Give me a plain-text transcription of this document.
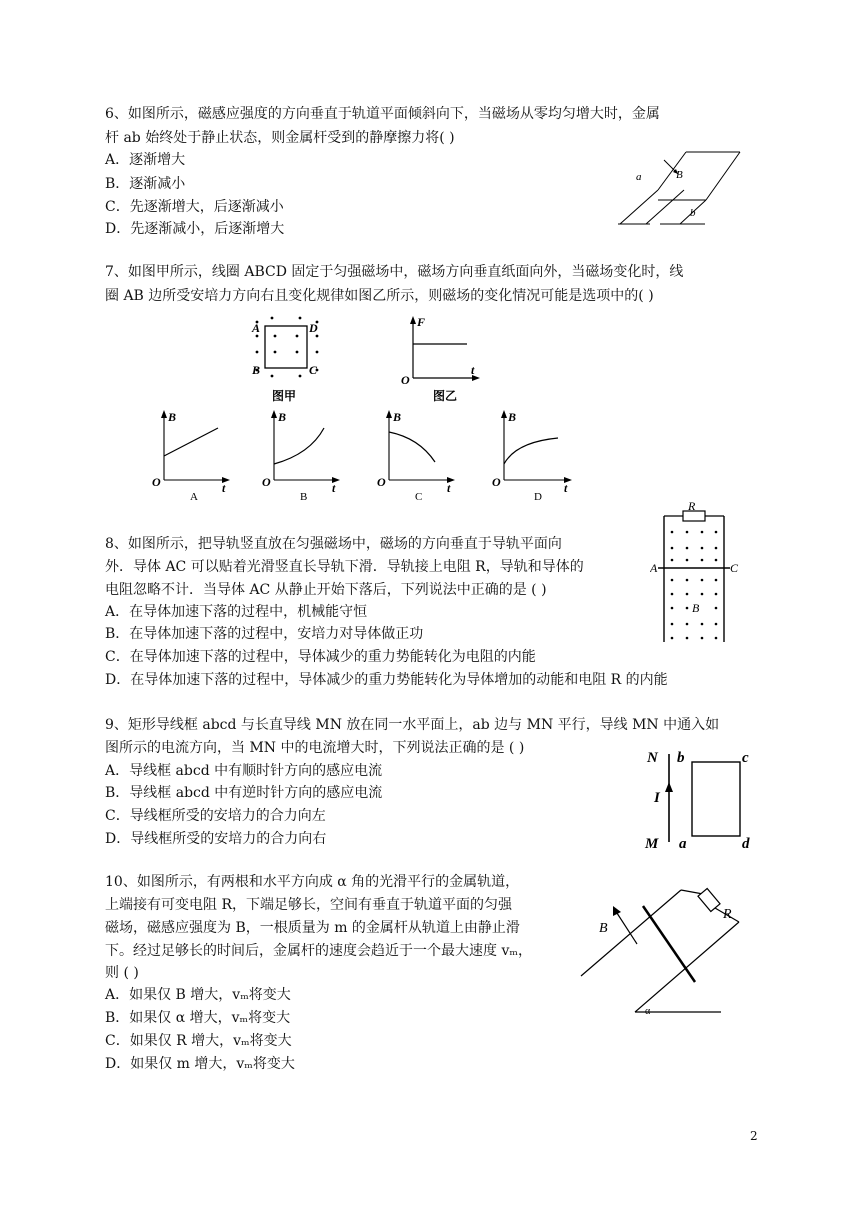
6、如图所示，磁感应强度的方向垂直于轨道平面倾斜向下，当磁场从零均匀增大时，金属
杆 ab 始终处于静止状态，则金属杆受到的静摩擦力将( )
A．逐渐增大
B．逐渐减小
C．先逐渐增大，后逐渐减小
D．先逐渐减小，后逐渐增大
a	B
b
7、如图甲所示，线圈 ABCD 固定于匀强磁场中，磁场方向垂直纸面向外，当磁场变化时，线
圈 AB 边所受安培力方向右且变化规律如图乙所示，则磁场的变化情况可能是选项中的( )
A	D
B	C
图甲
F
O
t
图乙
B
O	t
A
B
O	t
B
B
O	t
C
B
O	t
D
8、如图所示，把导轨竖直放在匀强磁场中，磁场的方向垂直于导轨平面向
外．导体 AC 可以贴着光滑竖直长导轨下滑．导轨接上电阻 R，导轨和导体的
电阻忽略不计．当导体 AC 从静止开始下落后，下列说法中正确的是 ( )
A．在导体加速下落的过程中，机械能守恒
B．在导体加速下落的过程中，安培力对导体做正功
C．在导体加速下落的过程中，导体减少的重力势能转化为电阻的内能
D．在导体加速下落的过程中，导体减少的重力势能转化为导体增加的动能和电阻 R 的内能
R
A	C
B
9、矩形导线框 abcd 与长直导线 MN 放在同一水平面上，ab 边与 MN 平行，导线 MN 中通入如
图所示的电流方向，当 MN 中的电流增大时，下列说法正确的是 ( )
A．导线框 abcd 中有顺时针方向的感应电流
B．导线框 abcd 中有逆时针方向的感应电流
C．导线框所受的安培力的合力向左
D．导线框所受的安培力的合力向右
N
I
M
b	c
a	d
10、如图所示，有两根和水平方向成 α 角的光滑平行的金属轨道，
上端接有可变电阻 R，下端足够长，空间有垂直于轨道平面的匀强
磁场，磁感应强度为 B，一根质量为 m 的金属杆从轨道上由静止滑
下。经过足够长的时间后，金属杆的速度会趋近于一个最大速度 vₘ，
则 ( )
A．如果仅 B 增大，vₘ将变大
B．如果仅 α 增大，vₘ将变大
C．如果仅 R 增大，vₘ将变大
D．如果仅 m 增大，vₘ将变大
B
R
α
2
